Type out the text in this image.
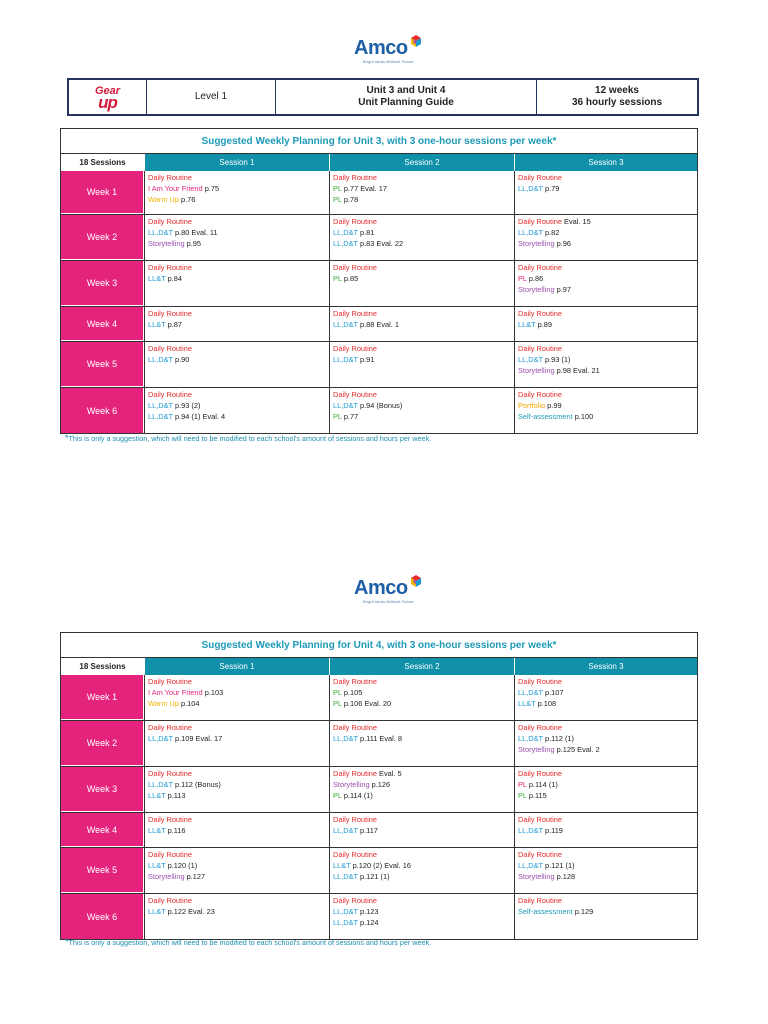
Amco
Bright ideas Brilliant Future
Gear
up	Level 1
Unit 3 and Unit 4
Unit Planning Guide
12 weeks
36 hourly sessions
Suggested Weekly Planning for Unit 3, with 3 one-hour sessions per week*
18 Sessions	Session 1	Session 2	Session 3
Week 1
Daily Routine
I Am Your Friend p.75
Warm Up p.76
Daily Routine
PL p.77 Eval. 17
PL p.78
Daily Routine
LL,D&T p.79
Week 2
Daily Routine
LL,D&T p.80 Eval. 11
Storytelling p.95
Daily Routine
LL,D&T p.81
LL,D&T p.83 Eval. 22
Daily Routine Eval. 15
LL,D&T p.82
Storytelling p.96
Week 3
Daily Routine
LL&T p.84
Daily Routine
PL p.85
Daily Routine
PL p.86
Storytelling p.97
Week 4
Daily Routine
LL&T p.87
Daily Routine
LL,D&T p.88 Eval. 1
Daily Routine
LL&T p.89
Week 5
Daily Routine
LL,D&T p.90
Daily Routine
LL,D&T p.91
Daily Routine
LL,D&T p.93 (1)
Storytelling p.98 Eval. 21
Week 6
Daily Routine
LL,D&T p.93 (2)
LL,D&T p.94 (1) Eval. 4
Daily Routine
LL,D&T p.94 (Bonus)
PL p.77
Daily Routine
Portfolio p.99
Self-assessment p.100
*This is only a suggestion, which will need to be modified to each school's amount of sessions and hours per week.
Amco
Bright ideas Brilliant Future
Suggested Weekly Planning for Unit 4, with 3 one-hour sessions per week*
18 Sessions	Session 1	Session 2	Session 3
Week 1
Daily Routine
I Am Your Friend p.103
Warm Up p.104
Daily Routine
PL p.105
PL p.106 Eval. 20
Daily Routine
LL,D&T p.107
LL&T p.108
Week 2
Daily Routine
LL,D&T p.109 Eval. 17
Daily Routine
LL,D&T p.111 Eval. 8
Daily Routine
LL,D&T p.112 (1)
Storytelling p.125 Eval. 2
Week 3
Daily Routine
LL,D&T p.112 (Bonus)
LL&T p.113
Daily Routine Eval. 5
Storytelling p.126
PL p.114 (1)
Daily Routine
PL p.114 (1)
PL p.115
Week 4
Daily Routine
LL&T p.116
Daily Routine
LL,D&T p.117
Daily Routine
LL,D&T p.119
Week 5
Daily Routine
LL&T p.120 (1)
Storytelling p.127
Daily Routine
LL&T p.120 (2) Eval. 16
LL,D&T p.121 (1)
Daily Routine
LL,D&T p.121 (1)
Storytelling p.128
Week 6
Daily Routine
LL&T p.122 Eval. 23
Daily Routine
LL,D&T p.123
LL,D&T p.124
Daily Routine
Self-assessment p.129
*This is only a suggestion, which will need to be modified to each school's amount of sessions and hours per week.
